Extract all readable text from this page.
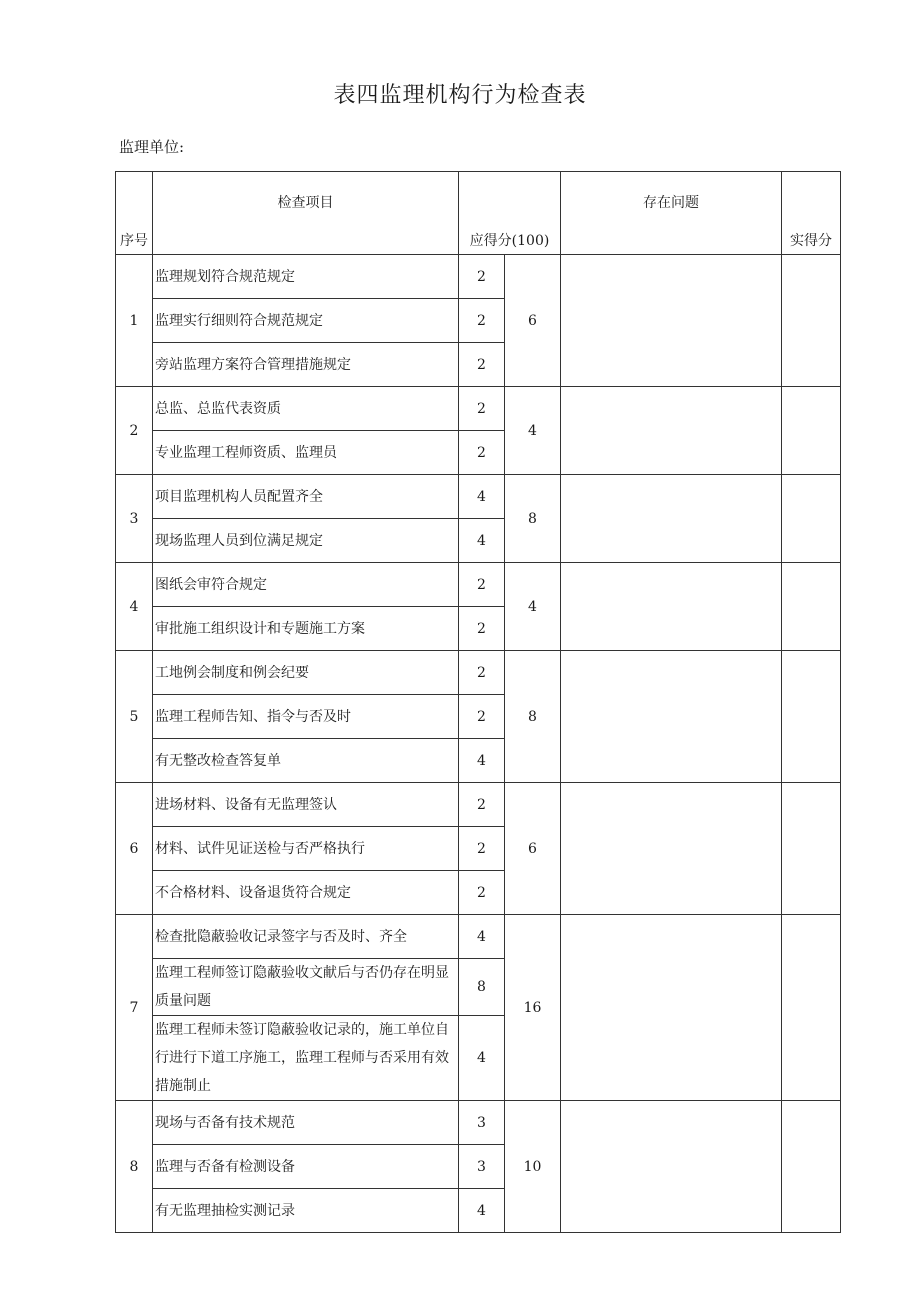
表四监理机构行为检查表
监理单位:
序号	检查项目	应得分(100)		存在问题	实得分
1	监理规划符合规范规定	2	6		
	监理实行细则符合规范规定	2			
	旁站监理方案符合管理措施规定	2			
2	总监、总监代表资质	2	4		
	专业监理工程师资质、监理员	2			
3	项目监理机构人员配置齐全	4	8		
	现场监理人员到位满足规定	4			
4	图纸会审符合规定	2	4		
	审批施工组织设计和专题施工方案	2			
5	工地例会制度和例会纪要	2	8		
	监理工程师告知、指令与否及时	2			
	有无整改检查答复单	4			
6	进场材料、设备有无监理签认	2	6		
	材料、试件见证送检与否严格执行	2			
	不合格材料、设备退货符合规定	2			
7	检查批隐蔽验收记录签字与否及时、齐全	4	16		
	监理工程师签订隐蔽验收文献后与否仍存在明显质量问题	8			
	监理工程师未签订隐蔽验收记录的，施工单位自行进行下道工序施工，监理工程师与否采用有效措施制止	4			
8	现场与否备有技术规范	3	10		
	监理与否备有检测设备	3			
	有无监理抽检实测记录	4			
